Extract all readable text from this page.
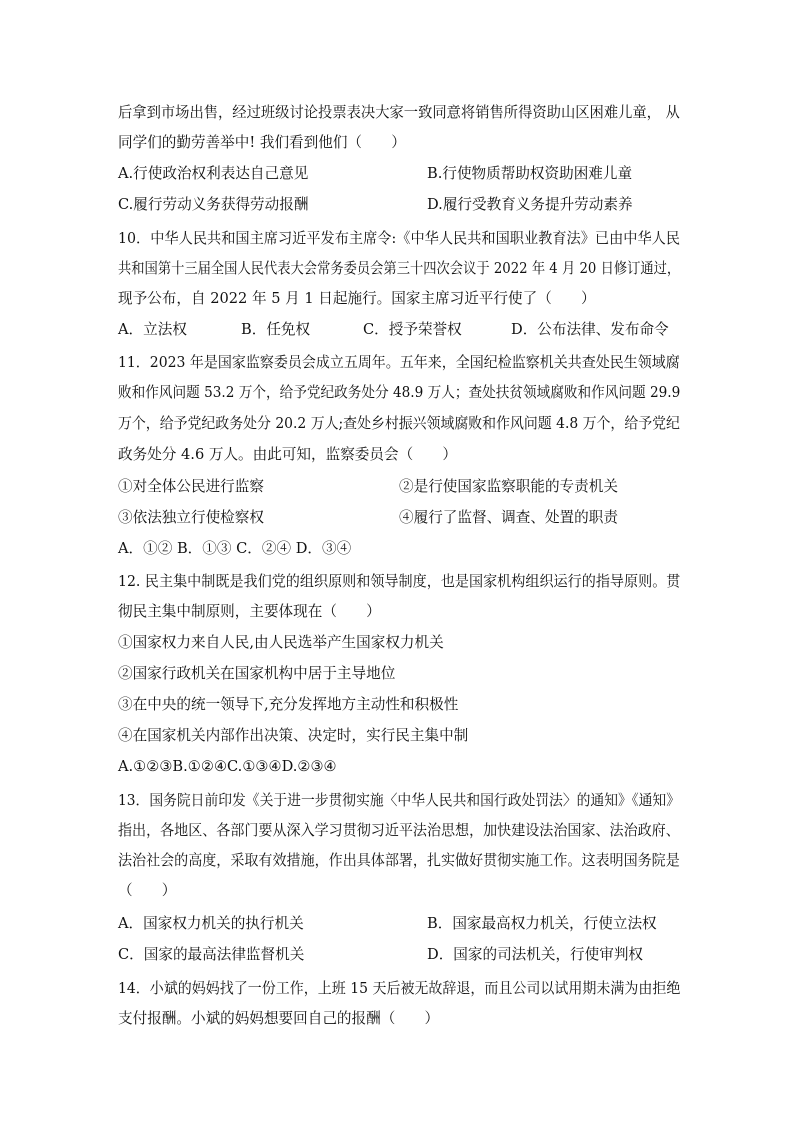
后拿到市场出售，经过班级讨论投票表决大家一致同意将销售所得资助山区困难儿童， 从
同学们的勤劳善举中! 我们看到他们（　　）
A.行使政治权利表达自己意见	B.行使物质帮助权资助困难儿童
C.履行劳动义务获得劳动报酬	D.履行受教育义务提升劳动素养
10．中华人民共和国主席习近平发布主席令:《中华人民共和国职业教育法》已由中华人民
共和国第十三届全国人民代表大会常务委员会第三十四次会议于 2022 年 4 月 20 日修订通过，
现予公布，自 2022 年 5 月 1 日起施行。国家主席习近平行使了（　　）
A．立法权	B．任免权	C．授予荣誉权	D．公布法律、发布命令
11．2023 年是国家监察委员会成立五周年。五年来，全国纪检监察机关共查处民生领域腐
败和作风问题 53.2 万个，给予党纪政务处分 48.9 万人；查处扶贫领域腐败和作风问题 29.9
万个，给予党纪政务处分 20.2 万人;查处乡村振兴领域腐败和作风问题 4.8 万个，给予党纪
政务处分 4.6 万人。由此可知，监察委员会（　　）
①对全体公民进行监察	②是行使国家监察职能的专责机关
③依法独立行使检察权	④履行了监督、调查、处置的职责
A．①② B．①③ C．②④ D．③④
12. 民主集中制既是我们党的组织原则和领导制度，也是国家机构组织运行的指导原则。贯
彻民主集中制原则，主要体现在（　　）
①国家权力来自人民,由人民选举产生国家权力机关
②国家行政机关在国家机构中居于主导地位
③在中央的统一领导下,充分发挥地方主动性和积极性
④在国家机关内部作出决策、决定时，实行民主集中制
A.①②③B.①②④C.①③④D.②③④
13．国务院日前印发《关于进一步贯彻实施〈中华人民共和国行政处罚法〉的通知》《通知》
指出，各地区、各部门要从深入学习贯彻习近平法治思想，加快建设法治国家、法治政府、
法治社会的高度，采取有效措施，作出具体部署，扎实做好贯彻实施工作。这表明国务院是
（　　）
A．国家权力机关的执行机关	B．国家最高权力机关，行使立法权
C．国家的最高法律监督机关	D．国家的司法机关，行使审判权
14．小斌的妈妈找了一份工作，上班 15 天后被无故辞退，而且公司以试用期未满为由拒绝
支付报酬。小斌的妈妈想要回自己的报酬（　　）
